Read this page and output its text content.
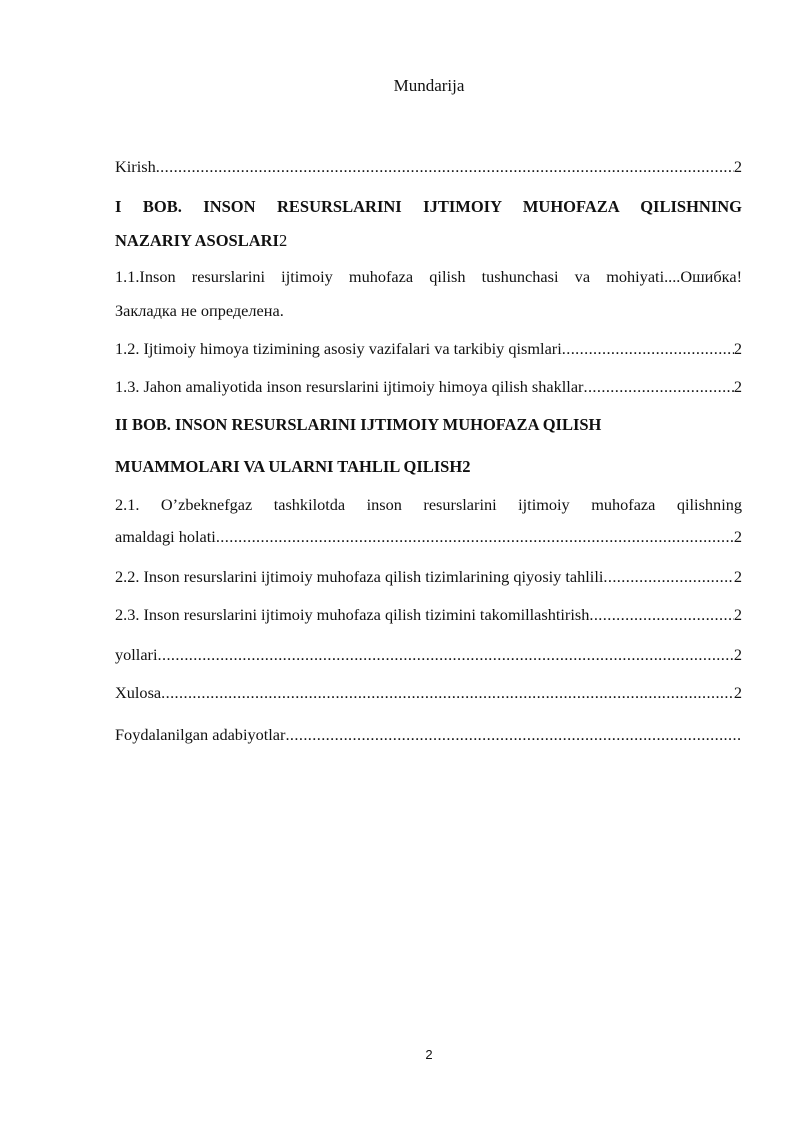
Mundarija
Kirish .....	2
I BOB. INSON RESURSLARINI IJTIMOIY MUHOFAZA QILISHNING
NAZARIY ASOSLARI2
1.1.Inson resurslarini ijtimoiy muhofaza qilish tushunchasi va mohiyati....Ошибка!
Закладка не определена.
1.2. Ijtimoiy himoya tizimining asosiy vazifalari va tarkibiy qismlari .....	2
1.3. Jahon amaliyotida inson resurslarini ijtimoiy himoya qilish shakllar .....	2
II BOB. INSON RESURSLARINI IJTIMOIY MUHOFAZA QILISH
MUAMMOLARI VA ULARNI TAHLIL QILISH2
2.1. O’zbeknefgaz tashkilotda inson resurslarini ijtimoiy muhofaza qilishning
amaldagi holati .....	2
2.2. Inson resurslarini ijtimoiy muhofaza qilish tizimlarining qiyosiy tahlili .....	2
2.3. Inson resurslarini ijtimoiy muhofaza qilish tizimini takomillashtirish .....	2
yollari .....	2
Xulosa .....	2
Foydalanilgan adabiyotlar
.....
2
